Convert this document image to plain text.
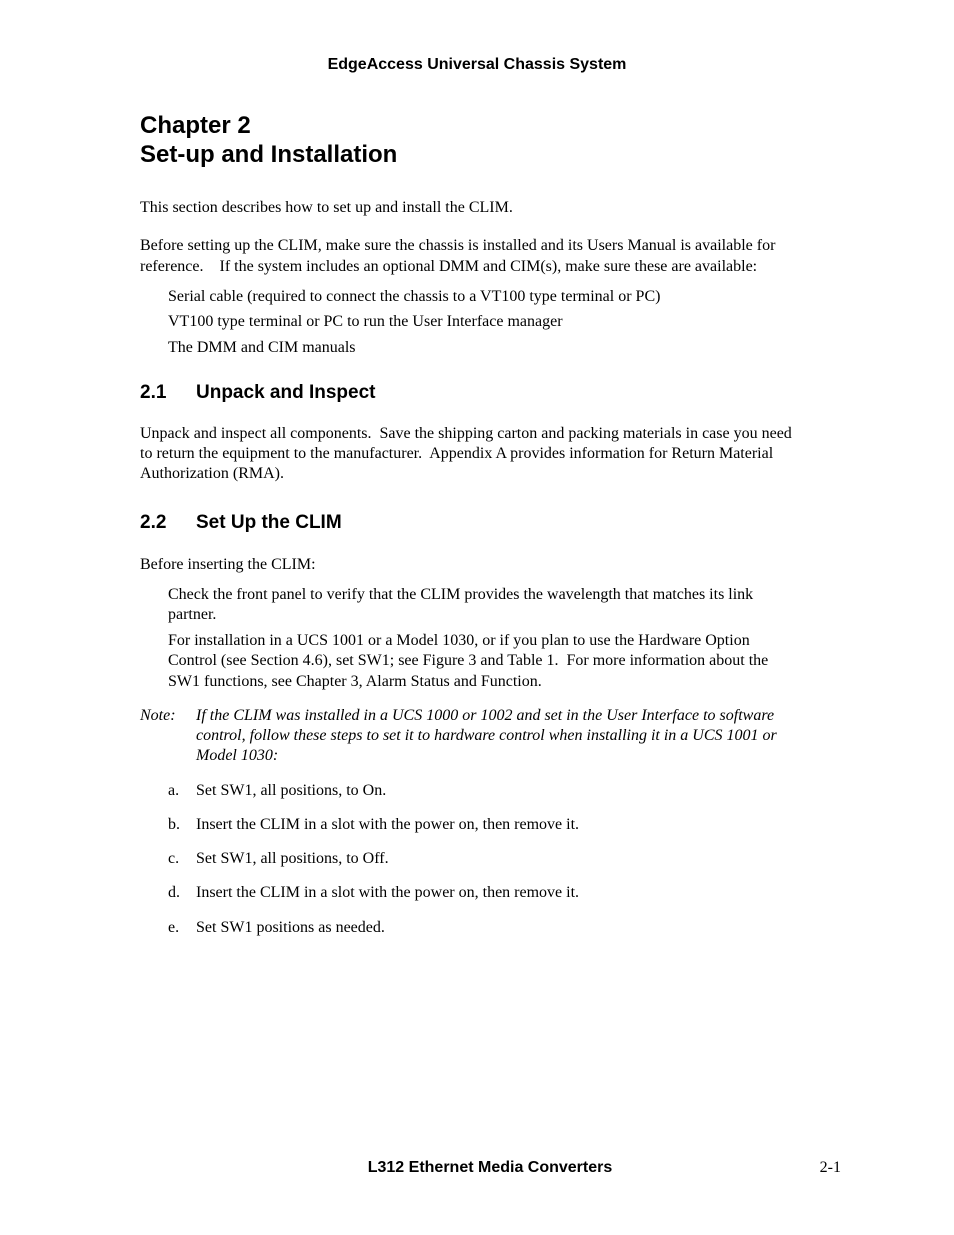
EdgeAccess Universal Chassis System
Chapter 2
Set-up and Installation
This section describes how to set up and install the CLIM.
Before setting up the CLIM, make sure the chassis is installed and its Users Manual is available for
reference.    If the system includes an optional DMM and CIM(s), make sure these are available:
Serial cable (required to connect the chassis to a VT100 type terminal or PC)
VT100 type terminal or PC to run the User Interface manager
The DMM and CIM manuals
2.1 Unpack and Inspect
Unpack and inspect all components.  Save the shipping carton and packing materials in case you need
to return the equipment to the manufacturer.  Appendix A provides information for Return Material
Authorization (RMA).
2.2 Set Up the CLIM
Before inserting the CLIM:
Check the front panel to verify that the CLIM provides the wavelength that matches its link
partner.
For installation in a UCS 1001 or a Model 1030, or if you plan to use the Hardware Option
Control (see Section 4.6), set SW1; see Figure 3 and Table 1.  For more information about the
SW1 functions, see Chapter 3, Alarm Status and Function.
Note: If the CLIM was installed in a UCS 1000 or 1002 and set in the User Interface to software
control, follow these steps to set it to hardware control when installing it in a UCS 1001 or
Model 1030:
a. Set SW1, all positions, to On.
b. Insert the CLIM in a slot with the power on, then remove it.
c. Set SW1, all positions, to Off.
d. Insert the CLIM in a slot with the power on, then remove it.
e. Set SW1 positions as needed.
L312 Ethernet Media Converters	2-1
